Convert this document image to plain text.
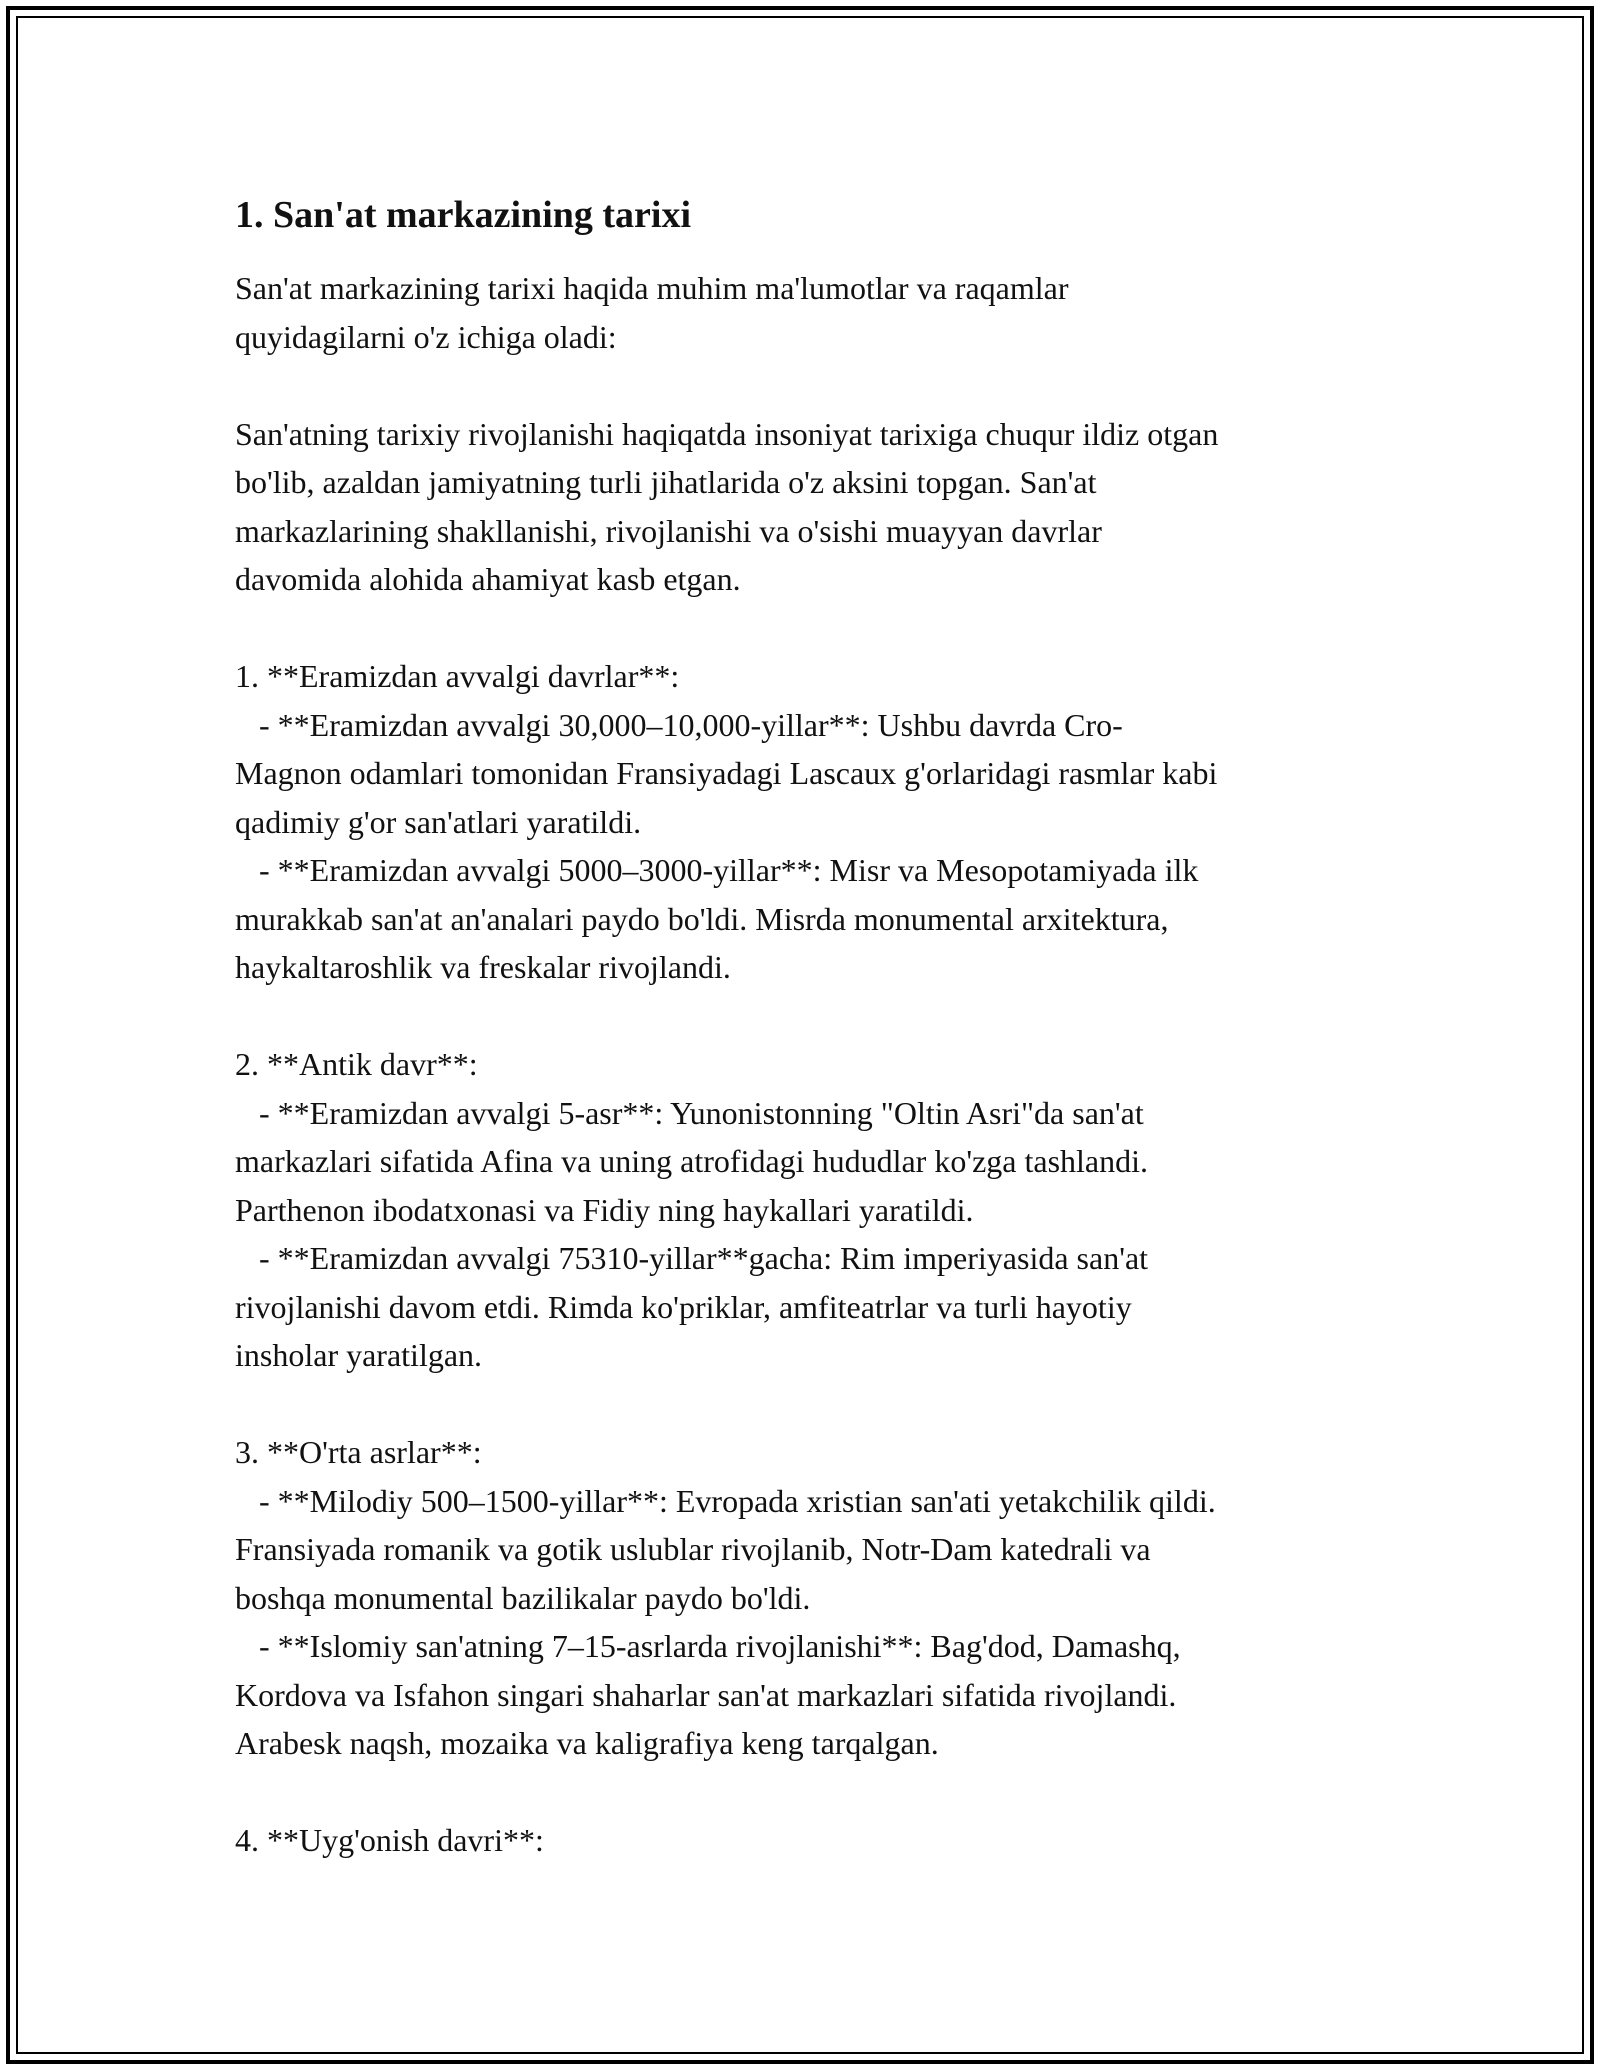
1. San'at markazining tarixi

San'at markazining tarixi haqida muhim ma'lumotlar va raqamlar
quyidagilarni o'z ichiga oladi:

San'atning tarixiy rivojlanishi haqiqatda insoniyat tarixiga chuqur ildiz otgan
bo'lib, azaldan jamiyatning turli jihatlarida o'z aksini topgan. San'at
markazlarining shakllanishi, rivojlanishi va o'sishi muayyan davrlar
davomida alohida ahamiyat kasb etgan.

1. **Eramizdan avvalgi davrlar**:

- **Eramizdan avvalgi 30,000–10,000-yillar**: Ushbu davrda Cro-
Magnon odamlari tomonidan Fransiyadagi Lascaux g'orlaridagi rasmlar kabi
qadimiy g'or san'atlari yaratildi.

- **Eramizdan avvalgi 5000–3000-yillar**: Misr va Mesopotamiyada ilk
murakkab san'at an'analari paydo bo'ldi. Misrda monumental arxitektura,
haykaltaroshlik va freskalar rivojlandi.

2. **Antik davr**:

- **Eramizdan avvalgi 5-asr**: Yunonistonning "Oltin Asri"da san'at
markazlari sifatida Afina va uning atrofidagi hududlar ko'zga tashlandi.
Parthenon ibodatxonasi va Fidiy ning haykallari yaratildi.

- **Eramizdan avvalgi 75310-yillar**gacha: Rim imperiyasida san'at
rivojlanishi davom etdi. Rimda ko'priklar, amfiteatrlar va turli hayotiy
insholar yaratilgan.

3. **O'rta asrlar**:

- **Milodiy 500–1500-yillar**: Evropada xristian san'ati yetakchilik qildi.
Fransiyada romanik va gotik uslublar rivojlanib, Notr-Dam katedrali va
boshqa monumental bazilikalar paydo bo'ldi.

- **Islomiy san'atning 7–15-asrlarda rivojlanishi**: Bag'dod, Damashq,
Kordova va Isfahon singari shaharlar san'at markazlari sifatida rivojlandi.
Arabesk naqsh, mozaika va kaligrafiya keng tarqalgan.

4. **Uyg'onish davri**:
